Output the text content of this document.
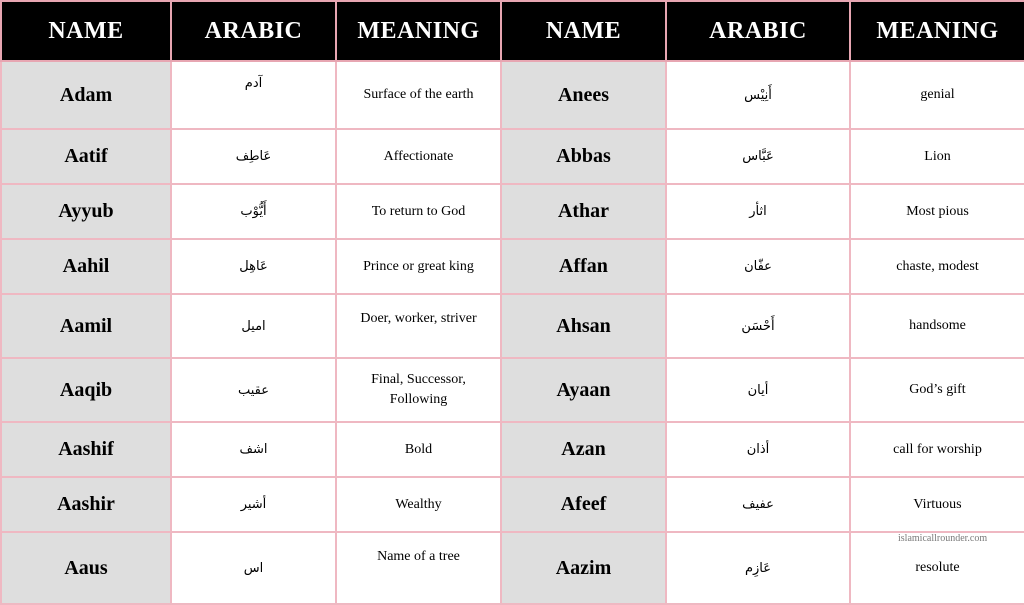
NAME	ARABIC	MEANING	NAME	ARABIC	MEANING
Adam	آدم	Surface of the earth	Anees	أَنِيْس	genial
Aatif	عَاطِف	Affectionate	Abbas	عَبَّاس	Lion
Ayyub	أَيُّوْب	To return to God	Athar	اثأر	Most pious
Aahil	عَاهِل	Prince or great king	Affan	عفّان	chaste, modest
Aamil	اميل	Doer, worker, striver	Ahsan	أَحْسَن	handsome
Aaqib	عقيب	Final, Successor, Following	Ayaan	أيان	God’s gift
Aashif	اشف	Bold	Azan	أذان	call for worship
Aashir	أشير	Wealthy	Afeef	عفيف	Virtuous
Aaus	اس	Name of a tree	Aazim	عَازِم	resolute
islamicallrounder.com
